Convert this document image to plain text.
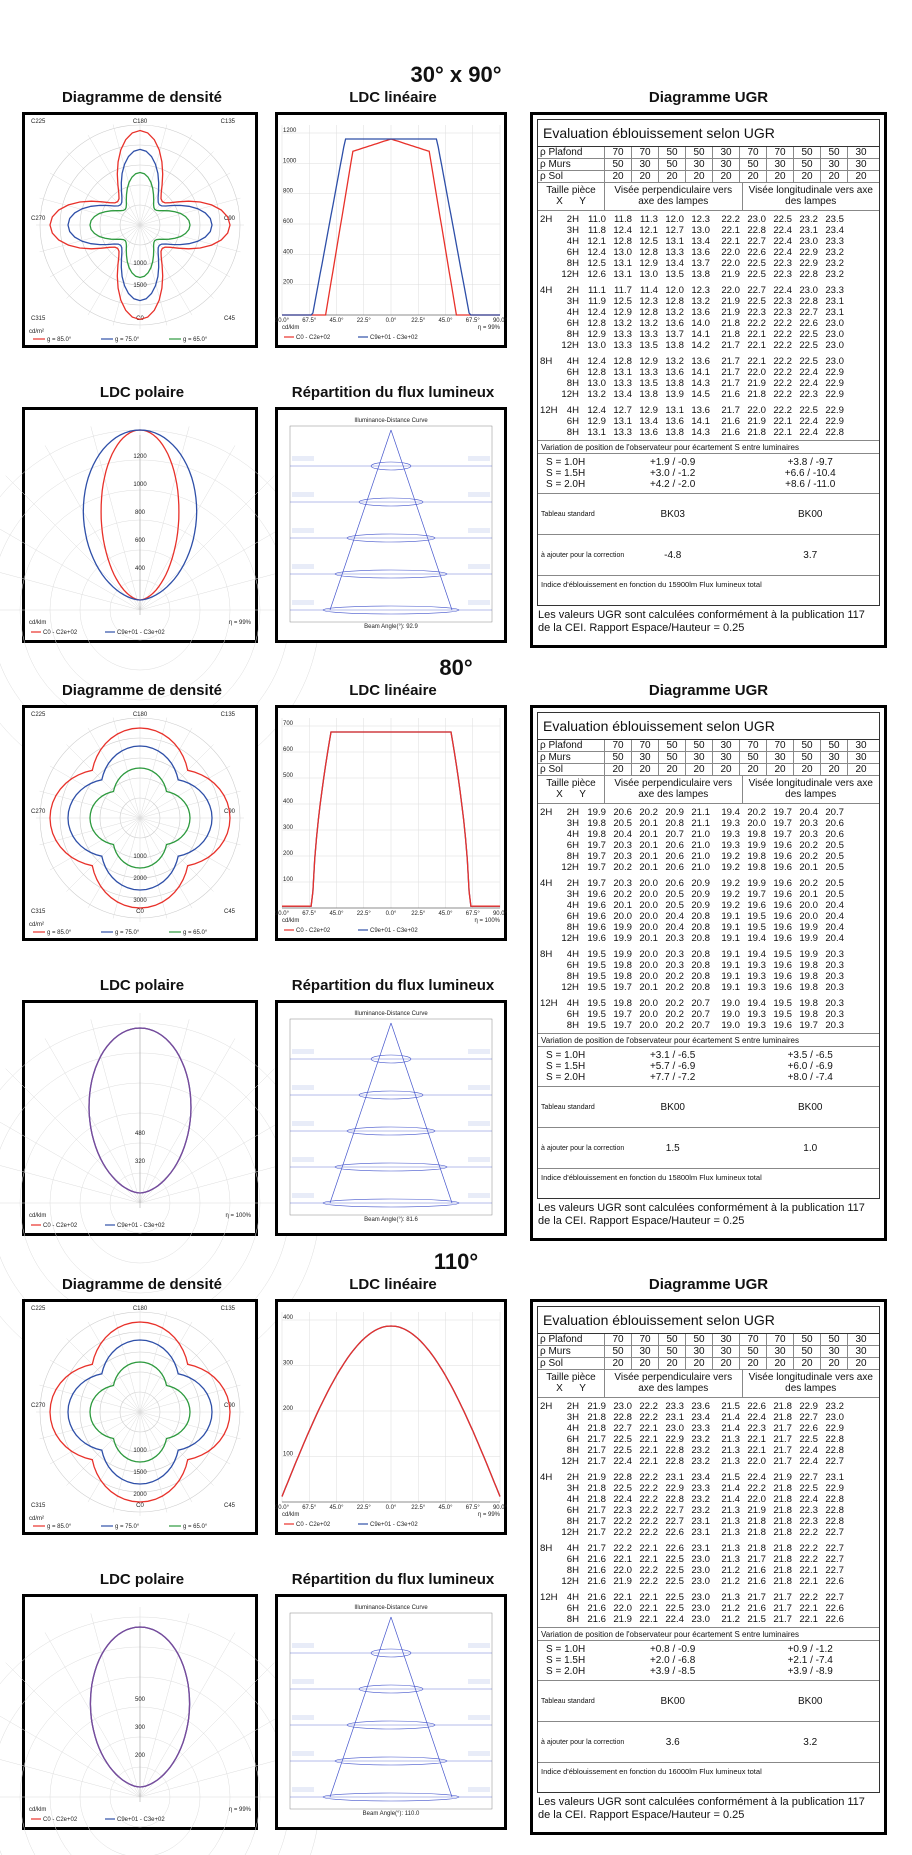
30° x 90°
Diagramme de densité	LDC linéaire	Diagramme UGR
LDC polaire	Répartition du flux lumineux
C180	C135
C90
C45
C0
C315
C270
C225
1000
1500
cd/m²
g = 85.0°	g = 75.0°	g = 65.0°
90.0° 67.5° 45.0° 22.5° 0.0° 22.5° 45.0° 67.5° 90.0°
1200
1000
800
600
400
200
cd/klm	η = 99%
C0 - C2e+02	C9e+01 - C3e+02
400
600
800
1000
1200
cd/klm	η = 99%
C0 - C2e+02	C9e+01 - C3e+02
Illuminance-Distance Curve
Beam Angle(°): 92.9
80°
Diagramme de densité	LDC linéaire	Diagramme UGR
LDC polaire	Répartition du flux lumineux
C180	C135
C90
C45
C0
C315
C270
C225
1000
2000
3000
cd/m²
g = 85.0°	g = 75.0°	g = 65.0°
90.0° 67.5° 45.0° 22.5° 0.0° 22.5° 45.0° 67.5° 90.0°
700
600
500
400
300
200
100
cd/klm	η = 100%
C0 - C2e+02	C9e+01 - C3e+02
320
480
cd/klm	η = 100%
C0 - C2e+02	C9e+01 - C3e+02
Illuminance-Distance Curve
Beam Angle(°): 81.6
110°
Diagramme de densité	LDC linéaire	Diagramme UGR
LDC polaire	Répartition du flux lumineux
C180	C135
C90
C45
C0
C315
C270
C225
1000
1500
2000
cd/m²
g = 85.0°	g = 75.0°	g = 65.0°
90.0° 67.5° 45.0° 22.5° 0.0° 22.5° 45.0° 67.5° 90.0°
400
300
200
100
cd/klm	η = 99%
C0 - C2e+02	C9e+01 - C3e+02
200
300
500
cd/klm	η = 99%
C0 - C2e+02	C9e+01 - C3e+02
Illuminance-Distance Curve
Beam Angle(°): 110.0
Evaluation éblouissement selon UGR
ρ Plafond	70	70	50	50	30	70	70	50	50	30
ρ Murs	50	30	50	30	30	50	30	50	30	30
ρ Sol	20	20	20	20	20	20	20	20	20	20
Taille pièce
X      Y
Visée perpendiculaire vers axe des lampes
Visée longitudinale vers axe des lampes
2H	2H 11.0 11.8 11.3 12.0 12.3	22.2 23.0 22.5 23.2 23.5
3H 11.8 12.4 12.1 12.7 13.0	22.1 22.8 22.4 23.1 23.4
4H 12.1 12.8 12.5 13.1 13.4	22.1 22.7 22.4 23.0 23.3
6H 12.4 13.0 12.8 13.3 13.6	22.0 22.6 22.4 22.9 23.2
8H 12.5 13.1 12.9 13.4 13.7	22.0 22.5 22.3 22.9 23.2
12H 12.6 13.1 13.0 13.5 13.8	21.9 22.5 22.3 22.8 23.2
4H	2H 11.1 11.7 11.4 12.0 12.3	22.0 22.7 22.4 23.0 23.3
3H 11.9 12.5 12.3 12.8 13.2	21.9 22.5 22.3 22.8 23.1
4H 12.4 12.9 12.8 13.2 13.6	21.9 22.3 22.3 22.7 23.1
6H 12.8 13.2 13.2 13.6 14.0	21.8 22.2 22.2 22.6 23.0
8H 12.9 13.3 13.3 13.7 14.1	21.8 22.1 22.2 22.5 23.0
12H 13.0 13.3 13.5 13.8 14.2	21.7 22.1 22.2 22.5 23.0
8H	4H 12.4 12.8 12.9 13.2 13.6	21.7 22.1 22.2 22.5 23.0
6H 12.8 13.1 13.3 13.6 14.1	21.7 22.0 22.2 22.4 22.9
8H 13.0 13.3 13.5 13.8 14.3	21.7 21.9 22.2 22.4 22.9
12H 13.2 13.4 13.8 13.9 14.5	21.6 21.8 22.2 22.3 22.9
12H 4H 12.4 12.7 12.9 13.1 13.6	21.7 22.0 22.2 22.5 22.9
6H 12.9 13.1 13.4 13.6 14.1	21.6 21.9 22.1 22.4 22.9
8H 13.1 13.3 13.6 13.8 14.3	21.6 21.8 22.1 22.4 22.8
Variation de position de l'observateur pour écartement S entre luminaires
S = 1.0H	+1.9 / -0.9	+3.8 / -9.7
S = 1.5H	+3.0 / -1.2	+6.6 / -10.4
S = 2.0H	+4.2 / -2.0	+8.6 / -11.0
Tableau standard	BK03	BK00
à ajouter pour la correction	-4.8	3.7
Indice d'éblouissement en fonction du 15900lm Flux lumineux total
Les valeurs UGR sont calculées conformément à la publication 117 de la CEI. Rapport Espace/Hauteur = 0.25
Evaluation éblouissement selon UGR
ρ Plafond	70	70	50	50	30	70	70	50	50	30
ρ Murs	50	30	50	30	30	50	30	50	30	30
ρ Sol	20	20	20	20	20	20	20	20	20	20
Taille pièce
X      Y
Visée perpendiculaire vers axe des lampes
Visée longitudinale vers axe des lampes
2H	2H 19.9 20.6 20.2 20.9 21.1	19.4 20.2 19.7 20.4 20.7
3H 19.8 20.5 20.1 20.8 21.1	19.3 20.0 19.7 20.3 20.6
4H 19.8 20.4 20.1 20.7 21.0	19.3 19.8 19.7 20.3 20.6
6H 19.7 20.3 20.1 20.6 21.0	19.3 19.9 19.6 20.2 20.5
8H 19.7 20.3 20.1 20.6 21.0	19.2 19.8 19.6 20.2 20.5
12H 19.7 20.2 20.1 20.6 21.0	19.2 19.8 19.6 20.1 20.5
4H	2H 19.7 20.3 20.0 20.6 20.9	19.2 19.9 19.6 20.2 20.5
3H 19.6 20.2 20.0 20.5 20.9	19.2 19.7 19.6 20.1 20.5
4H 19.6 20.1 20.0 20.5 20.9	19.2 19.6 19.6 20.0 20.4
6H 19.6 20.0 20.0 20.4 20.8	19.1 19.5 19.6 20.0 20.4
8H 19.6 19.9 20.0 20.4 20.8	19.1 19.5 19.6 19.9 20.4
12H 19.6 19.9 20.1 20.3 20.8	19.1 19.4 19.6 19.9 20.4
8H	4H 19.5 19.9 20.0 20.3 20.8	19.1 19.4 19.5 19.9 20.3
6H 19.5 19.8 20.0 20.3 20.8	19.1 19.3 19.6 19.8 20.3
8H 19.5 19.8 20.0 20.2 20.8	19.1 19.3 19.6 19.8 20.3
12H 19.5 19.7 20.1 20.2 20.8	19.1 19.3 19.6 19.8 20.3
12H 4H 19.5 19.8 20.0 20.2 20.7	19.0 19.4 19.5 19.8 20.3
6H 19.5 19.7 20.0 20.2 20.7	19.0 19.3 19.5 19.8 20.3
8H 19.5 19.7 20.0 20.2 20.7	19.0 19.3 19.6 19.7 20.3
Variation de position de l'observateur pour écartement S entre luminaires
S = 1.0H	+3.1 / -6.5	+3.5 / -6.5
S = 1.5H	+5.7 / -6.9	+6.0 / -6.9
S = 2.0H	+7.7 / -7.2	+8.0 / -7.4
Tableau standard	BK00	BK00
à ajouter pour la correction	1.5	1.0
Indice d'éblouissement en fonction du 15800lm Flux lumineux total
Les valeurs UGR sont calculées conformément à la publication 117 de la CEI. Rapport Espace/Hauteur = 0.25
Evaluation éblouissement selon UGR
ρ Plafond	70	70	50	50	30	70	70	50	50	30
ρ Murs	50	30	50	30	30	50	30	50	30	30
ρ Sol	20	20	20	20	20	20	20	20	20	20
Taille pièce
X      Y
Visée perpendiculaire vers axe des lampes
Visée longitudinale vers axe des lampes
2H	2H 21.9 23.0 22.2 23.3 23.6	21.5 22.6 21.8 22.9 23.2
3H 21.8 22.8 22.2 23.1 23.4	21.4 22.4 21.8 22.7 23.0
4H 21.8 22.7 22.1 23.0 23.3	21.4 22.3 21.7 22.6 22.9
6H 21.7 22.5 22.1 22.9 23.2	21.3 22.1 21.7 22.5 22.8
8H 21.7 22.5 22.1 22.8 23.2	21.3 22.1 21.7 22.4 22.8
12H 21.7 22.4 22.1 22.8 23.2	21.3 22.0 21.7 22.4 22.7
4H	2H 21.9 22.8 22.2 23.1 23.4	21.5 22.4 21.9 22.7 23.1
3H 21.8 22.5 22.2 22.9 23.3	21.4 22.2 21.8 22.5 22.9
4H 21.8 22.4 22.2 22.8 23.2	21.4 22.0 21.8 22.4 22.8
6H 21.7 22.3 22.2 22.7 23.2	21.3 21.9 21.8 22.3 22.8
8H 21.7 22.2 22.2 22.7 23.1	21.3 21.8 21.8 22.3 22.8
12H 21.7 22.2 22.2 22.6 23.1	21.3 21.8 21.8 22.2 22.7
8H	4H 21.7 22.2 22.1 22.6 23.1	21.3 21.8 21.8 22.2 22.7
6H 21.6 22.1 22.1 22.5 23.0	21.3 21.7 21.8 22.2 22.7
8H 21.6 22.0 22.2 22.5 23.0	21.2 21.6 21.8 22.1 22.7
12H 21.6 21.9 22.2 22.5 23.0	21.2 21.6 21.8 22.1 22.6
12H 4H 21.6 22.1 22.1 22.5 23.0	21.3 21.7 21.7 22.2 22.7
6H 21.6 22.0 22.1 22.5 23.0	21.2 21.6 21.7 22.1 22.6
8H 21.6 21.9 22.1 22.4 23.0	21.2 21.5 21.7 22.1 22.6
Variation de position de l'observateur pour écartement S entre luminaires
S = 1.0H	+0.8 / -0.9	+0.9 / -1.2
S = 1.5H	+2.0 / -6.8	+2.1 / -7.4
S = 2.0H	+3.9 / -8.5	+3.9 / -8.9
Tableau standard	BK00	BK00
à ajouter pour la correction	3.6	3.2
Indice d'éblouissement en fonction du 16000lm Flux lumineux total
Les valeurs UGR sont calculées conformément à la publication 117 de la CEI. Rapport Espace/Hauteur = 0.25
